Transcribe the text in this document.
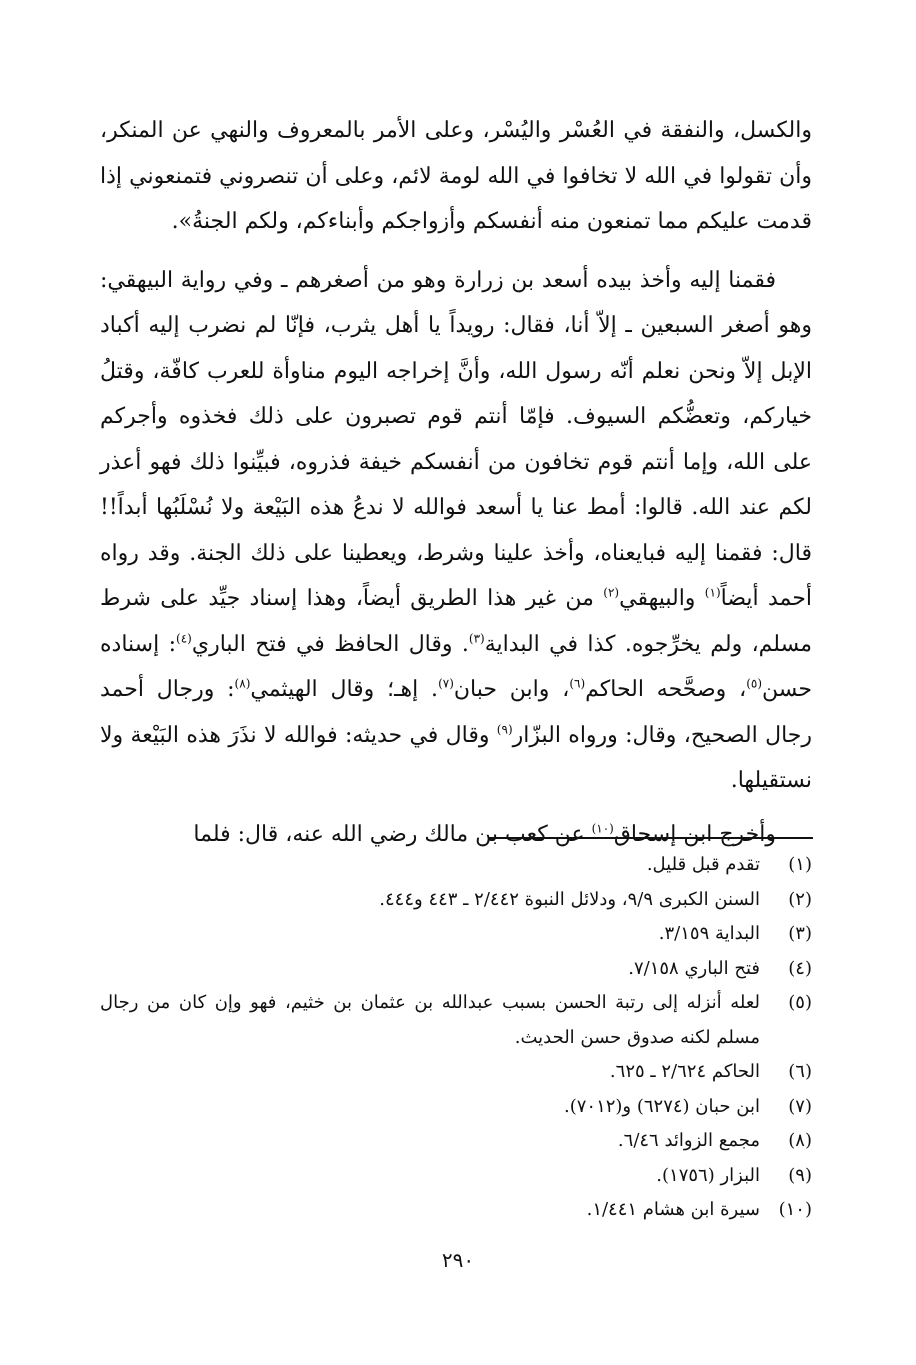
والكسل، والنفقة في العُسْر واليُسْر، وعلى الأمر بالمعروف والنهي عن المنكر، وأن تقولوا في الله لا تخافوا في الله لومة لائم، وعلى أن تنصروني فتمنعوني إذا قدمت عليكم مما تمنعون منه أنفسكم وأزواجكم وأبناءكم، ولكم الجنةُ».

فقمنا إليه وأخذ بيده أسعد بن زرارة وهو من أصغرهم ـ وفي رواية البيهقي: وهو أصغر السبعين ـ إلاّ أنا، فقال: رويداً يا أهل يثرب، فإنّا لم نضرب إليه أكباد الإبل إلاّ ونحن نعلم أنّه رسول الله، وأنَّ إخراجه اليوم مناوأة للعرب كافّة، وقتلُ خياركم، وتعضُّكم السيوف. فإمّا أنتم قوم تصبرون على ذلك فخذوه وأجركم على الله، وإما أنتم قوم تخافون من أنفسكم خيفة فذروه، فبيِّنوا ذلك فهو أعذر لكم عند الله. قالوا: أمط عنا يا أسعد فوالله لا ندعُ هذه البَيْعة ولا نُسْلَبُها أبداً!! قال: فقمنا إليه فبايعناه، وأخذ علينا وشرط، ويعطينا على ذلك الجنة. وقد رواه أحمد أيضاً$^{(١)}$ والبيهقي$^{(٢)}$ من غير هذا الطريق أيضاً، وهذا إسناد جيِّد على شرط مسلم، ولم يخرِّجوه. كذا في البداية$^{(٣)}$. وقال الحافظ في فتح الباري$^{(٤)}$: إسناده حسن$^{(٥)}$، وصحَّحه الحاكم$^{(٦)}$، وابن حبان$^{(٧)}$. إهـ؛ وقال الهيثمي$^{(٨)}$: ورجال أحمد رجال الصحيح، وقال: ورواه البزّار$^{(٩)}$ وقال في حديثه: فوالله لا نذَرَ هذه البَيْعة ولا نستقيلها.

وأخرج ابن إسحاق$^{(١٠)}$ عن كعب بن مالك رضي الله عنه، قال: فلما

(١)
تقدم قبل قليل.
(٢)
السنن الكبرى ٩/٩، ودلائل النبوة ٢/٤٤٢ ـ ٤٤٣ و٤٤٤.
(٣)
البداية ٣/١٥٩.
(٤)
فتح الباري ٧/١٥٨.
(٥)
لعله أنزله إلى رتبة الحسن بسبب عبدالله بن عثمان بن خثيم، فهو وإن كان من رجال مسلم لكنه صدوق حسن الحديث.
(٦)
الحاكم ٢/٦٢٤ ـ ٦٢٥.
(٧)
ابن حبان (٦٢٧٤) و(٧٠١٢).
(٨)
مجمع الزوائد ٦/٤٦.
(٩)
البزار (١٧٥٦).
(١٠)
سيرة ابن هشام ١/٤٤١.
٢٩٠
